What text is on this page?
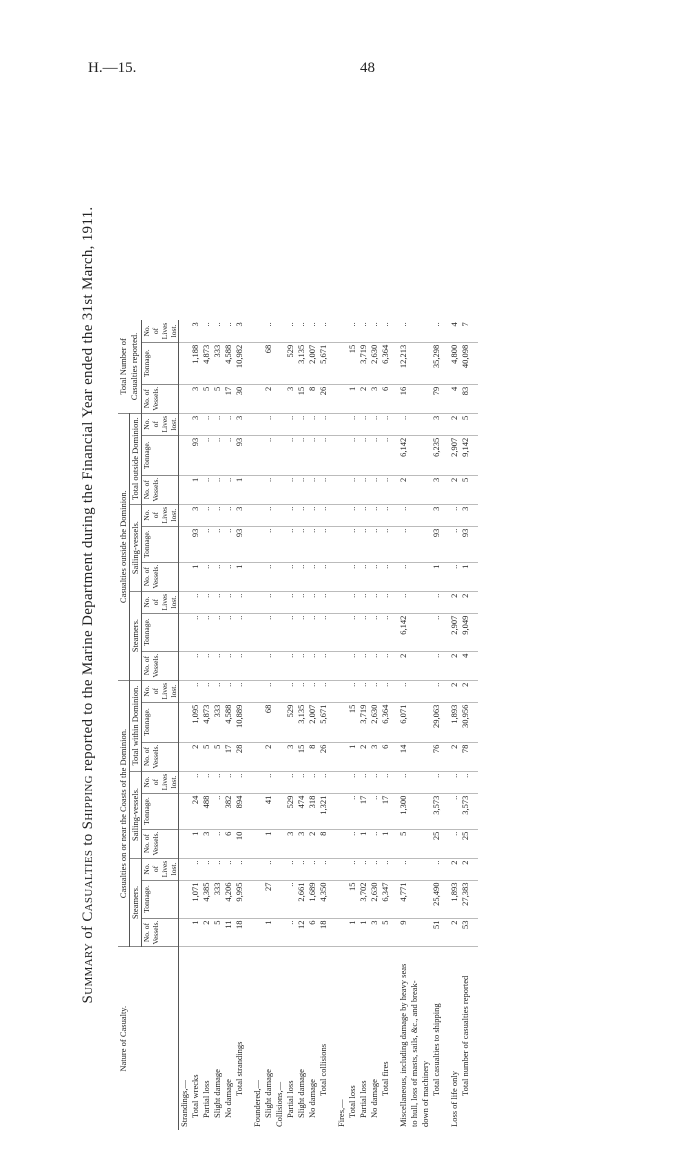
H.—15.	48
Summary of Casualties to Shipping reported to the Marine Department during the Financial Year ended the 31st March, 1911.
Nature of Casualty.	Casualties on or near the Coasts of the Dominion.									Casualties outside the Dominion.									Total Number of Casualties reported.		
	Steamers.			Sailing-vessels.			Total within Dominion.			Steamers.			Sailing-vessels.			Total outside Dominion.					
	No. of Vessels.	Tonnage.	No. of Lives lost.	No. of Vessels.	Tonnage.	No. of Lives lost.	No. of Vessels.	Tonnage.	No. of Lives lost.	No. of Vessels.	Tonnage.	No. of Lives lost.	No. of Vessels.	Tonnage.	No. of Lives lost.	No. of Vessels.	Tonnage.	No. of Lives lost.	No. of Vessels.	Tonnage.	No. of Lives lost.
Strandings,—																					
Total wrecks	1	1,071	..	1	24	..	2	1,095	..	..	..	..	1	93	3	1	93	3	3	1,188	3
Partial loss	2	4,385	..	3	488	..	5	4,873	..	..	..	..	..	..	..	..	..	..	5	4,873	..
Slight damage	5	333	..	..	..	..	5	333	..	..	..	..	..	..	..	..	..	..	5	333	..
No damage	11	4,206	..	6	382	..	17	4,588	..	..	..	..	..	..	..	..	..	..	17	4,588	..
Total strandings	18	9,995	..	10	894	..	28	10,889	..	..	..	..	1	93	3	1	93	3	30	10,982	3

Foundered,—																					
Slight damage	1	27	..	1	41	..	2	68	..	..	..	..	..	..	..	..	..	..	2	68	..
Collisions,—																					
Partial loss	..	..	..	3	529	..	3	529	..	..	..	..	..	..	..	..	..	..	3	529	..
Slight damage	12	2,661	..	3	474	..	15	3,135	..	..	..	..	..	..	..	..	..	..	15	3,135	..
No damage	6	1,689	..	2	318	..	8	2,007	..	..	..	..	..	..	..	..	..	..	8	2,007	..
Total collisions	18	4,350	..	8	1,321	..	26	5,671	..	..	..	..	..	..	..	..	..	..	26	5,671	..

Fires,—																					
Total loss	1	15	..	..	..	..	1	15	..	..	..	..	..	..	..	..	..	..	1	15	..
Partial loss	1	3,702	..	1	17	..	2	3,719	..	..	..	..	..	..	..	..	..	..	2	3,719	..
No damage	3	2,630	..	..	..	..	3	2,630	..	..	..	..	..	..	..	..	..	..	3	2,630	..
Total fires	5	6,347	..	1	17	..	6	6,364	..	..	..	..	..	..	..	..	..	..	6	6,364	..

Miscellaneous, including damage by heavy seas
to hull, loss of masts, sails, &c., and break-
down of machinery	9	4,771	..	5	1,300	..	14	6,071	..	2	6,142	..	..	..	..	2	6,142	..	16	12,213	..
Total casualties to shipping	51	25,490	..	25	3,573	..	76	29,063	..	..	..	..	1	93	3	3	6,235	3	79	35,298	..

Loss of life only	2	1,893	2	..	..	..	2	1,893	2	2	2,907	2	..	..	..	2	2,907	2	4	4,800	4
Total number of casualties reported	53	27,383	2	25	3,573	..	78	30,956	2	4	9,049	2	1	93	3	5	9,142	5	83	40,098	7
